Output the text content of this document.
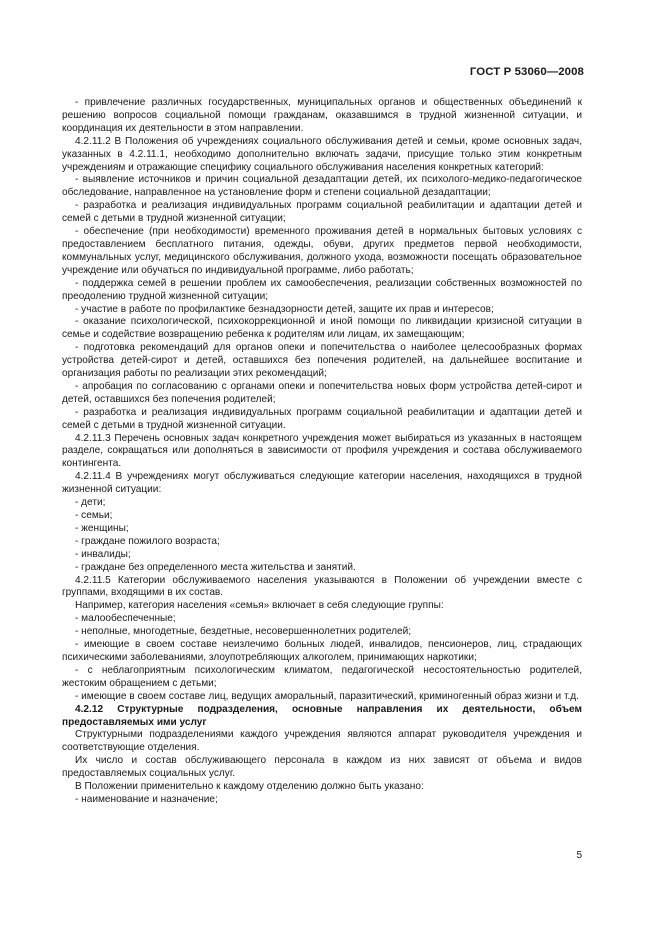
ГОСТ Р 53060—2008

- привлечение различных государственных, муниципальных органов и общественных объединений к решению вопросов социальной помощи гражданам, оказавшимся в трудной жизненной ситуации, и координация их деятельности в этом направлении.

4.2.11.2 В Положения об учреждениях социального обслуживания детей и семьи, кроме основных задач, указанных в 4.2.11.1, необходимо дополнительно включать задачи, присущие только этим конкретным учреждениям и отражающие специфику социального обслуживания населения конкретных категорий:

- выявление источников и причин социальной дезадаптации детей, их психолого-медико-педагогическое обследование, направленное на установление форм и степени социальной дезадаптации;

- разработка и реализация индивидуальных программ социальной реабилитации и адаптации детей и семей с детьми в трудной жизненной ситуации;

- обеспечение (при необходимости) временного проживания детей в нормальных бытовых условиях с предоставлением бесплатного питания, одежды, обуви, других предметов первой необходимости, коммунальных услуг, медицинского обслуживания, должного ухода, возможности посещать образовательное учреждение или обучаться по индивидуальной программе, либо работать;

- поддержка семей в решении проблем их самообеспечения, реализации собственных возможностей по преодолению трудной жизненной ситуации;

- участие в работе по профилактике безнадзорности детей, защите их прав и интересов;

- оказание психологической, психокоррекционной и иной помощи по ликвидации кризисной ситуации в семье и содействие возвращению ребенка к родителям или лицам, их замещающим;

- подготовка рекомендаций для органов опеки и попечительства о наиболее целесообразных формах устройства детей-сирот и детей, оставшихся без попечения родителей, на дальнейшее воспитание и организация работы по реализации этих рекомендаций;

- апробация по согласованию с органами опеки и попечительства новых форм устройства детей-сирот и детей, оставшихся без попечения родителей;

- разработка и реализация индивидуальных программ социальной реабилитации и адаптации детей и семей с детьми в трудной жизненной ситуации.

4.2.11.3 Перечень основных задач конкретного учреждения может выбираться из указанных в настоящем разделе, сокращаться или дополняться в зависимости от профиля учреждения и состава обслуживаемого контингента.

4.2.11.4 В учреждениях могут обслуживаться следующие категории населения, находящихся в трудной жизненной ситуации:

- дети;

- семьи;

- женщины;

- граждане пожилого возраста;

- инвалиды;

- граждане без определенного места жительства и занятий.

4.2.11.5 Категории обслуживаемого населения указываются в Положении об учреждении вместе с группами, входящими в их состав.

Например, категория населения «семья» включает в себя следующие группы:

- малообеспеченные;

- неполные, многодетные, бездетные, несовершеннолетних родителей;

- имеющие в своем составе неизлечимо больных людей, инвалидов, пенсионеров, лиц, страдающих психическими заболеваниями, злоупотребляющих алкоголем, принимающих наркотики;

- с неблагоприятным психологическим климатом, педагогической несостоятельностью родителей, жестоким обращением с детьми;

- имеющие в своем составе лиц, ведущих аморальный, паразитический, криминогенный образ жизни и т.д.

4.2.12 Структурные подразделения, основные направления их деятельности, объем предоставляемых ими услуг

Структурными подразделениями каждого учреждения являются аппарат руководителя учреждения и соответствующие отделения.

Их число и состав обслуживающего персонала в каждом из них зависят от объема и видов предоставляемых социальных услуг.

В Положении применительно к каждому отделению должно быть указано:

- наименование и назначение;

5
